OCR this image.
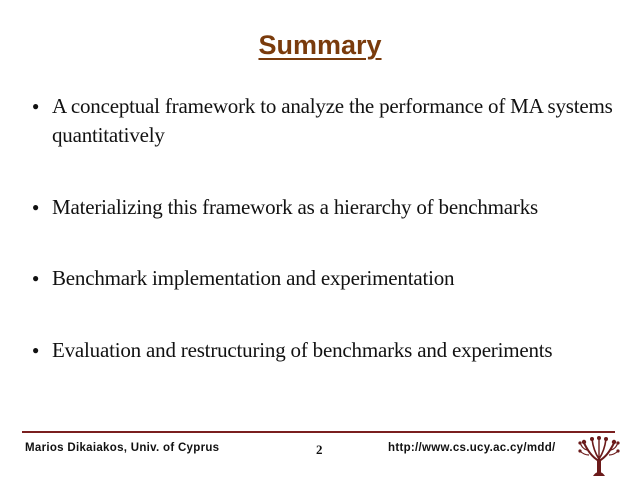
Summary
● A conceptual framework to analyze the performance of MA systems quantitatively
● Materializing this framework as a hierarchy of benchmarks
● Benchmark implementation and experimentation
● Evaluation and restructuring of benchmarks and experiments
Marios Dikaiakos, Univ. of Cyprus	2	http://www.cs.ucy.ac.cy/mdd/
